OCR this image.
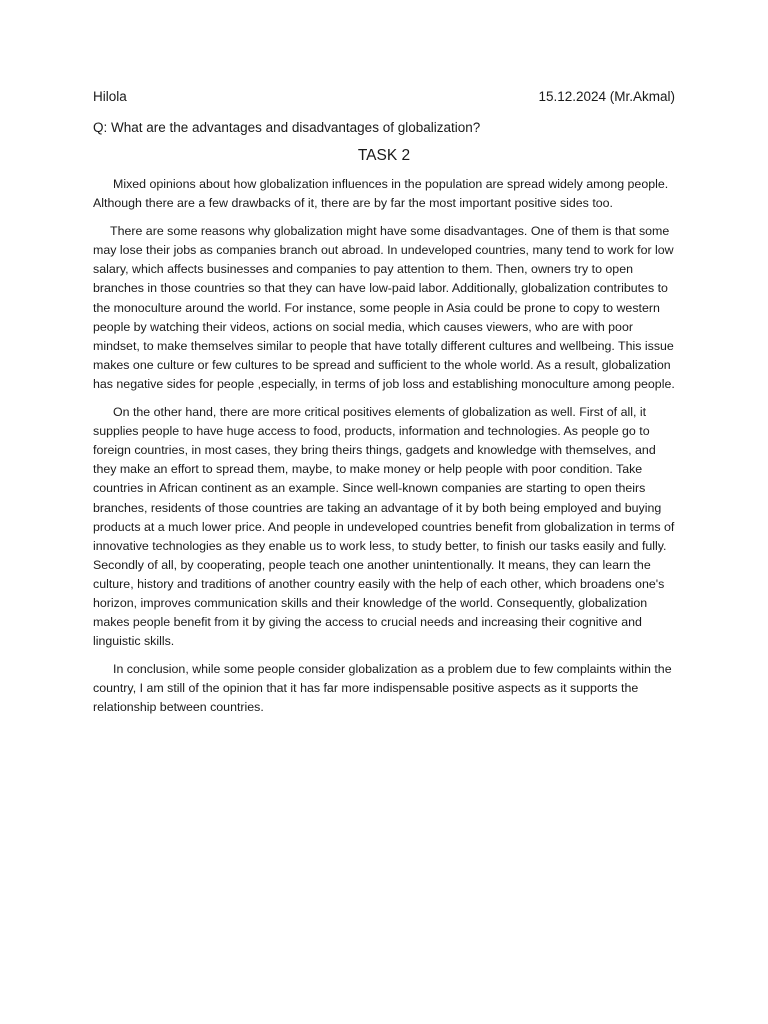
Hilola	15.12.2024 (Mr.Akmal)
Q: What are the advantages and disadvantages of globalization?
TASK 2

Mixed opinions about how globalization influences in the population are spread widely among people. Although there are a few drawbacks of it, there are by far the most important positive sides too.

There are some reasons why globalization might have some disadvantages. One of them is that some may lose their jobs as companies branch out abroad. In undeveloped countries, many tend to work for low salary, which affects businesses and companies to pay attention to them. Then, owners try to open branches in those countries so that they can have low-paid labor. Additionally, globalization contributes to the monoculture around the world. For instance, some people in Asia could be prone to copy to western people by watching their videos, actions on social media, which causes viewers, who are with poor mindset, to make themselves similar to people that have totally different cultures and wellbeing. This issue makes one culture or few cultures to be spread and sufficient to the whole world. As a result, globalization has negative sides for people ,especially, in terms of job loss and establishing monoculture among people.

On the other hand, there are more critical positives elements of globalization as well. First of all, it supplies people to have huge access to food, products, information and technologies. As people go to foreign countries, in most cases, they bring theirs things, gadgets and knowledge with themselves, and they make an effort to spread them, maybe, to make money or help people with poor condition. Take countries in African continent as an example. Since well-known companies are starting to open theirs branches, residents of those countries are taking an advantage of it by both being employed and buying products at a much lower price. And people in undeveloped countries benefit from globalization in terms of innovative technologies as they enable us to work less, to study better, to finish our tasks easily and fully. Secondly of all, by cooperating, people teach one another unintentionally. It means, they can learn the culture, history and traditions of another country easily with the help of each other, which broadens one's horizon, improves communication skills and their knowledge of the world. Consequently, globalization makes people benefit from it by giving the access to crucial needs and increasing their cognitive and linguistic skills.

In conclusion, while some people consider globalization as a problem due to few complaints within the country, I am still of the opinion that it has far more indispensable positive aspects as it supports the relationship between countries.
